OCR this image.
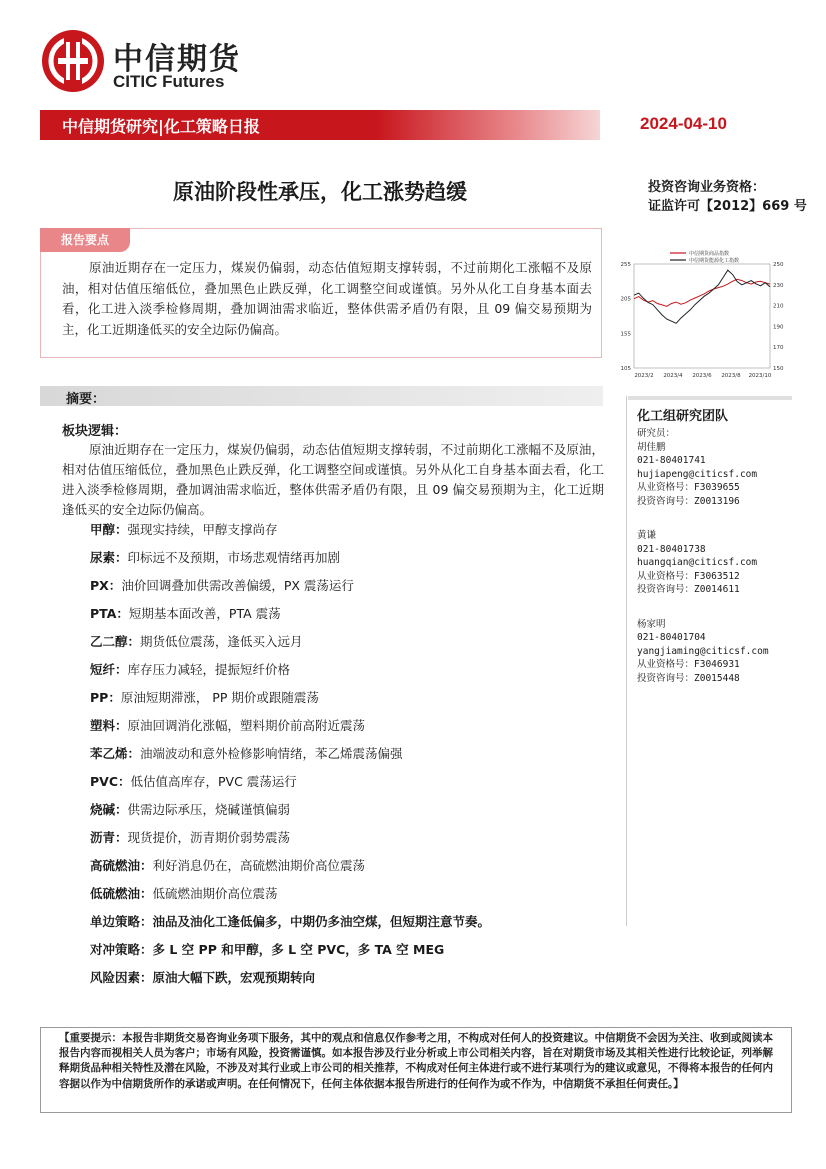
中信期货
CITIC Futures
中信期货研究|化工策略日报	2024-04-10
原油阶段性承压，化工涨势趋缓	投资咨询业务资格：
证监许可【2012】669 号
报告要点
原油近期存在一定压力，煤炭仍偏弱，动态估值短期支撑转弱，不过前期化工涨幅不及原油，相对估值压缩低位，叠加黑色止跌反弹，化工调整空间或谨慎。另外从化工自身基本面去看，化工进入淡季检修周期，叠加调油需求临近，整体供需矛盾仍有限，且 09 偏交易预期为主，化工近期逢低买的安全边际仍偏高。
中信期货商品指数
中信期货能源化工指数
105
155
205
255
150
170
190
210
230
250
2023/2 2023/4 2023/6 2023/8 2023/10
摘要：
板块逻辑：
原油近期存在一定压力，煤炭仍偏弱，动态估值短期支撑转弱，不过前期化工涨幅不及原油，相对估值压缩低位，叠加黑色止跌反弹，化工调整空间或谨慎。另外从化工自身基本面去看，化工进入淡季检修周期，叠加调油需求临近，整体供需矛盾仍有限，且 09 偏交易预期为主，化工近期逢低买的安全边际仍偏高。
甲醇：强现实持续，甲醇支撑尚存
尿素：印标远不及预期，市场悲观情绪再加剧
PX：油价回调叠加供需改善偏缓，PX 震荡运行
PTA：短期基本面改善，PTA 震荡
乙二醇：期货低位震荡，逢低买入远月
短纤：库存压力减轻，提振短纤价格
PP：原油短期滞涨， PP 期价或跟随震荡
塑料：原油回调消化涨幅，塑料期价前高附近震荡
苯乙烯：油端波动和意外检修影响情绪，苯乙烯震荡偏强
PVC：低估值高库存，PVC 震荡运行
烧碱：供需边际承压，烧碱谨慎偏弱
沥青：现货提价，沥青期价弱势震荡
高硫燃油：利好消息仍在，高硫燃油期价高位震荡
低硫燃油：低硫燃油期价高位震荡
单边策略：油品及油化工逢低偏多，中期仍多油空煤，但短期注意节奏。
对冲策略：多 L 空 PP 和甲醇，多 L 空 PVC，多 TA 空 MEG
风险因素：原油大幅下跌，宏观预期转向
化工组研究团队
研究员：
胡佳鹏
021-80401741
hujiapeng@citicsf.com
从业资格号：F3039655
投资咨询号：Z0013196
黄谦
021-80401738
huangqian@citicsf.com
从业资格号：F3063512
投资咨询号：Z0014611
杨家明
021-80401704
yangjiaming@citicsf.com
从业资格号：F3046931
投资咨询号：Z0015448
【重要提示：本报告非期货交易咨询业务项下服务，其中的观点和信息仅作参考之用，不构成对任何人的投资建议。中信期货不会因为关注、收到或阅读本报告内容而视相关人员为客户；市场有风险，投资需谨慎。如本报告涉及行业分析或上市公司相关内容，旨在对期货市场及其相关性进行比较论证，列举解释期货品种相关特性及潜在风险，不涉及对其行业或上市公司的相关推荐，不构成对任何主体进行或不进行某项行为的建议或意见，不得将本报告的任何内容据以作为中信期货所作的承诺或声明。在任何情况下，任何主体依据本报告所进行的任何作为或不作为，中信期货不承担任何责任。】
